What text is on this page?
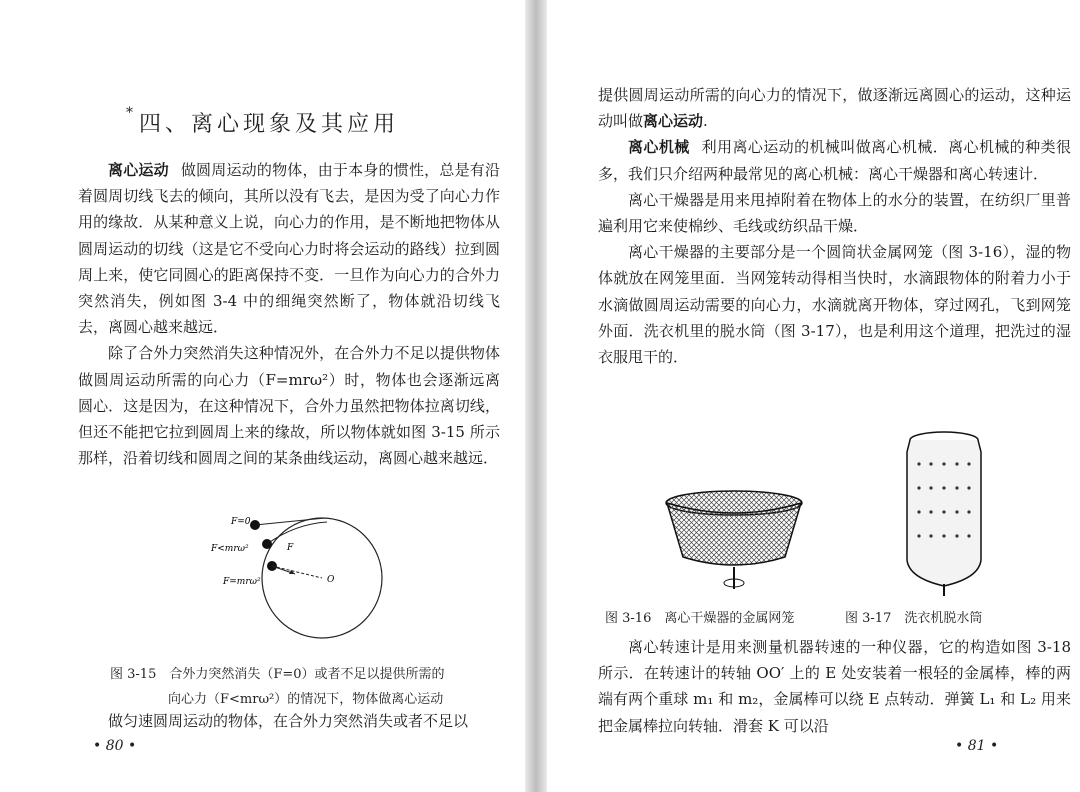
*四、离心现象及其应用

离心运动 做圆周运动的物体，由于本身的惯性，总是有沿着圆周切线飞去的倾向，其所以没有飞去，是因为受了向心力作用的缘故．从某种意义上说，向心力的作用，是不断地把物体从圆周运动的切线（这是它不受向心力时将会运动的路线）拉到圆周上来，使它同圆心的距离保持不变．一旦作为向心力的合外力突然消失，例如图 3-4 中的细绳突然断了，物体就沿切线飞去，离圆心越来越远．

除了合外力突然消失这种情况外，在合外力不足以提供物体做圆周运动所需的向心力（F=mrω²）时，物体也会逐渐远离圆心．这是因为，在这种情况下，合外力虽然把物体拉离切线，但还不能把它拉到圆周上来的缘故，所以物体就如图 3-15 所示那样，沿着切线和圆周之间的某条曲线运动，离圆心越来越远．

F=0
F<mrω²
F=mrω²
F
O
图 3-15　合外力突然消失（F=0）或者不足以提供所需的
向心力（F<mrω²）的情况下，物体做离心运动

做匀速圆周运动的物体，在合外力突然消失或者不足以

• 80 •

提供圆周运动所需的向心力的情况下，做逐渐远离圆心的运动，这种运动叫做离心运动.

离心机械 利用离心运动的机械叫做离心机械．离心机械的种类很多，我们只介绍两种最常见的离心机械：离心干燥器和离心转速计．

离心干燥器是用来甩掉附着在物体上的水分的装置，在纺织厂里普遍利用它来使棉纱、毛线或纺织品干燥．

离心干燥器的主要部分是一个圆筒状金属网笼（图 3-16），湿的物体就放在网笼里面．当网笼转动得相当快时，水滴跟物体的附着力小于水滴做圆周运动需要的向心力，水滴就离开物体，穿过网孔，飞到网笼外面．洗衣机里的脱水筒（图 3-17），也是利用这个道理，把洗过的湿衣服甩干的．

图 3-16　离心干燥器的金属网笼	图 3-17　洗衣机脱水筒

离心转速计是用来测量机器转速的一种仪器，它的构造如图 3-18 所示．在转速计的转轴 OO′ 上的 E 处安装着一根轻的金属棒，棒的两端有两个重球 m₁ 和 m₂，金属棒可以绕 E 点转动．弹簧 L₁ 和 L₂ 用来把金属棒拉向转轴．滑套 K 可以沿

• 81 •
